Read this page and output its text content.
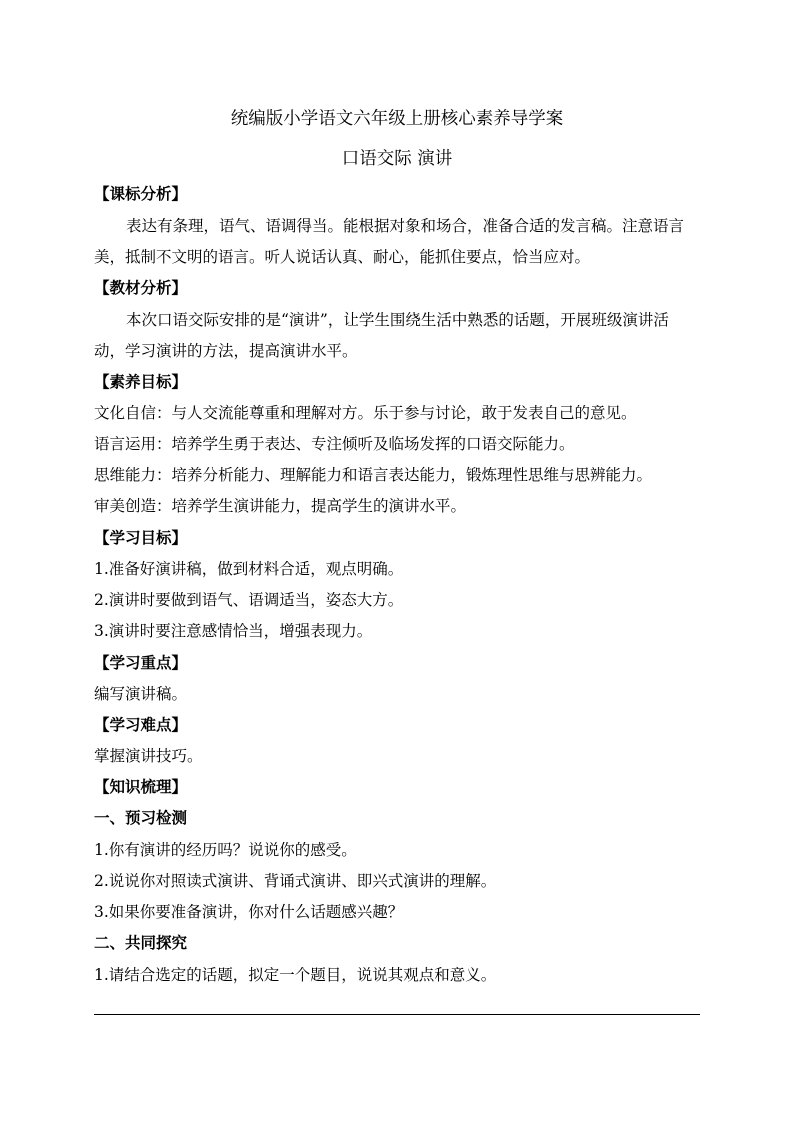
统编版小学语文六年级上册核心素养导学案
口语交际 演讲
【课标分析】
表达有条理，语气、语调得当。能根据对象和场合，准备合适的发言稿。注意语言
美，抵制不文明的语言。听人说话认真、耐心，能抓住要点，恰当应对。
【教材分析】
本次口语交际安排的是“演讲”，让学生围绕生活中熟悉的话题，开展班级演讲活
动，学习演讲的方法，提高演讲水平。
【素养目标】
文化自信：与人交流能尊重和理解对方。乐于参与讨论，敢于发表自己的意见。
语言运用：培养学生勇于表达、专注倾听及临场发挥的口语交际能力。
思维能力：培养分析能力、理解能力和语言表达能力，锻炼理性思维与思辨能力。
审美创造：培养学生演讲能力，提高学生的演讲水平。
【学习目标】
1.准备好演讲稿，做到材料合适，观点明确。
2.演讲时要做到语气、语调适当，姿态大方。
3.演讲时要注意感情恰当，增强表现力。
【学习重点】
编写演讲稿。
【学习难点】
掌握演讲技巧。
【知识梳理】
一、预习检测
1.你有演讲的经历吗？说说你的感受。
2.说说你对照读式演讲、背诵式演讲、即兴式演讲的理解。
3.如果你要准备演讲，你对什么话题感兴趣？
二、共同探究
1.请结合选定的话题，拟定一个题目，说说其观点和意义。
